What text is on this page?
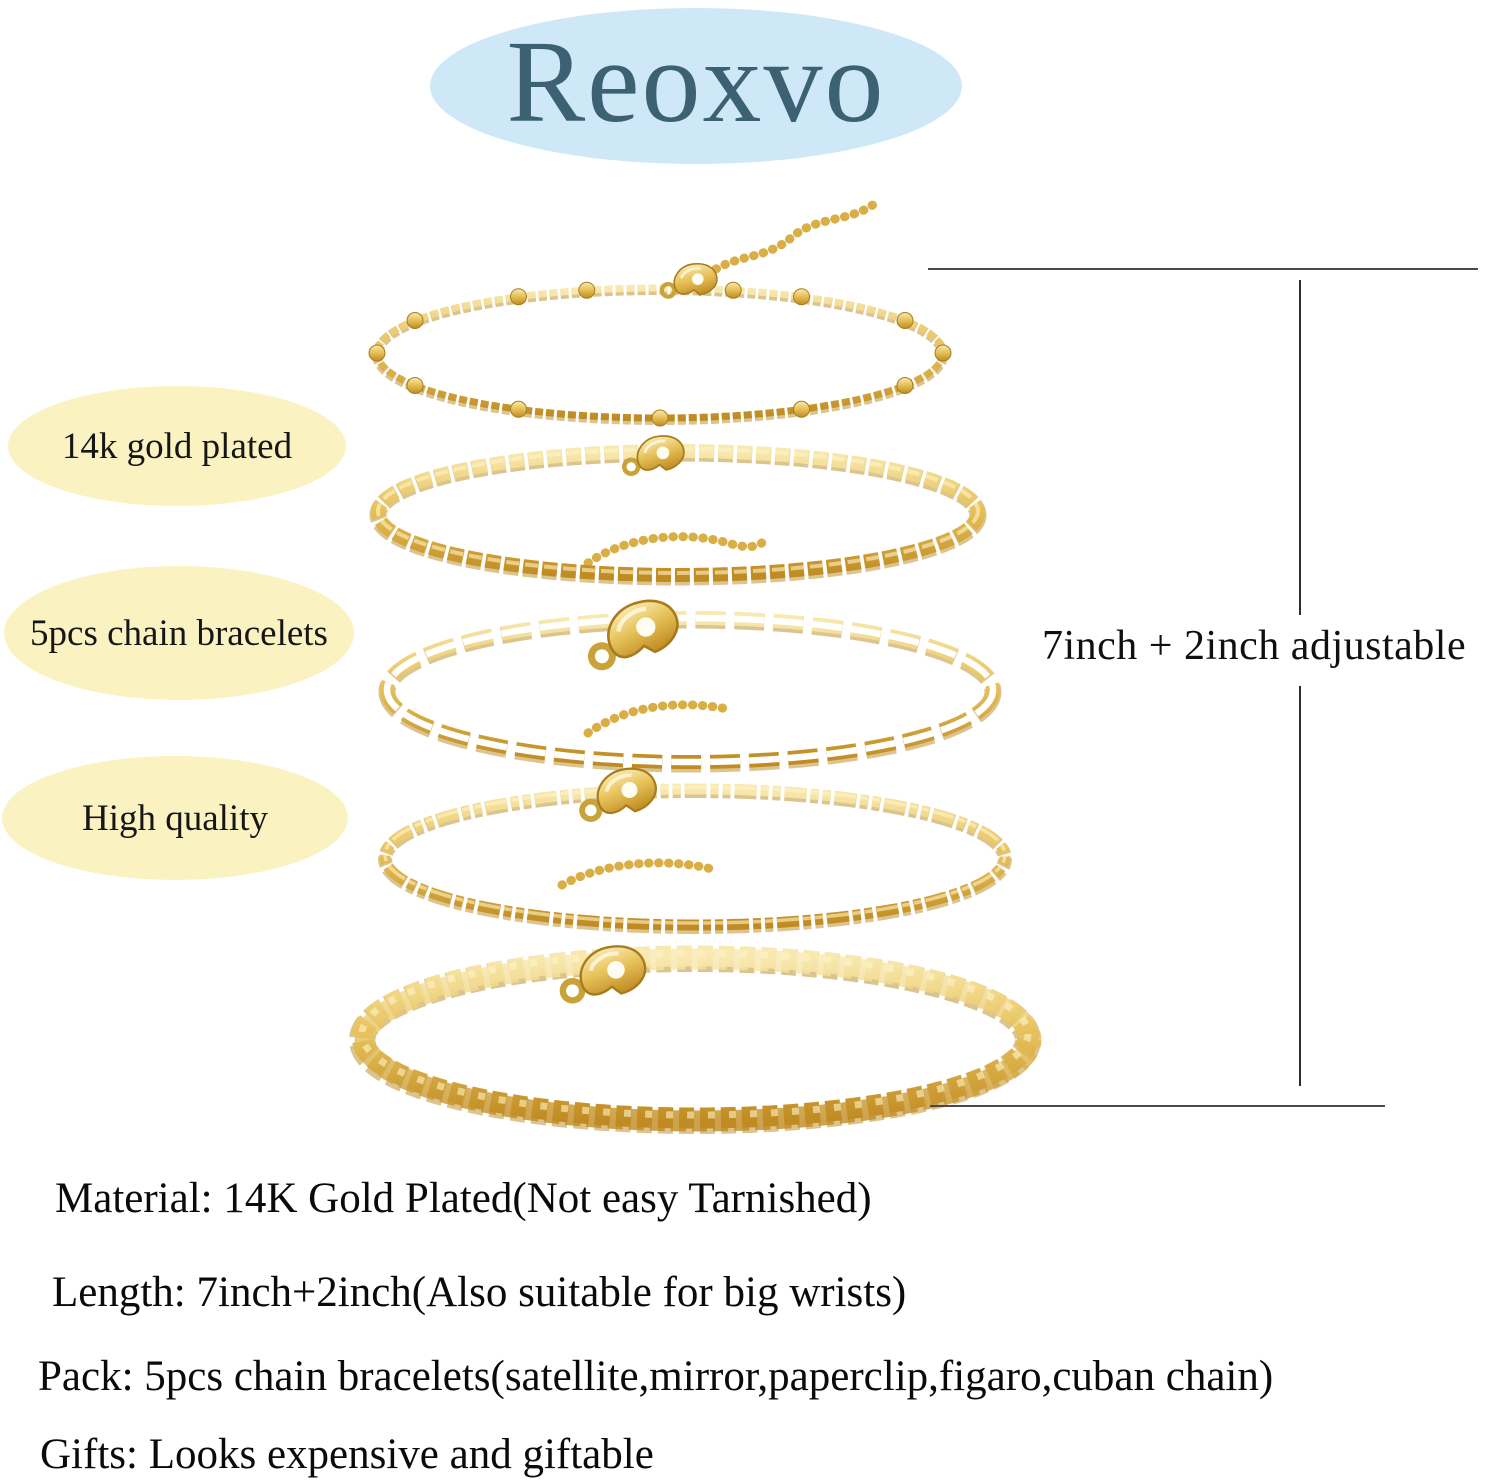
Reoxvo
14k gold plated
5pcs chain bracelets
High quality
7inch + 2inch adjustable
Material: 14K Gold Plated(Not easy Tarnished)
Length: 7inch+2inch(Also suitable for big wrists)
Pack: 5pcs chain bracelets(satellite,mirror,paperclip,figaro,cuban chain)
Gifts: Looks expensive and giftable
